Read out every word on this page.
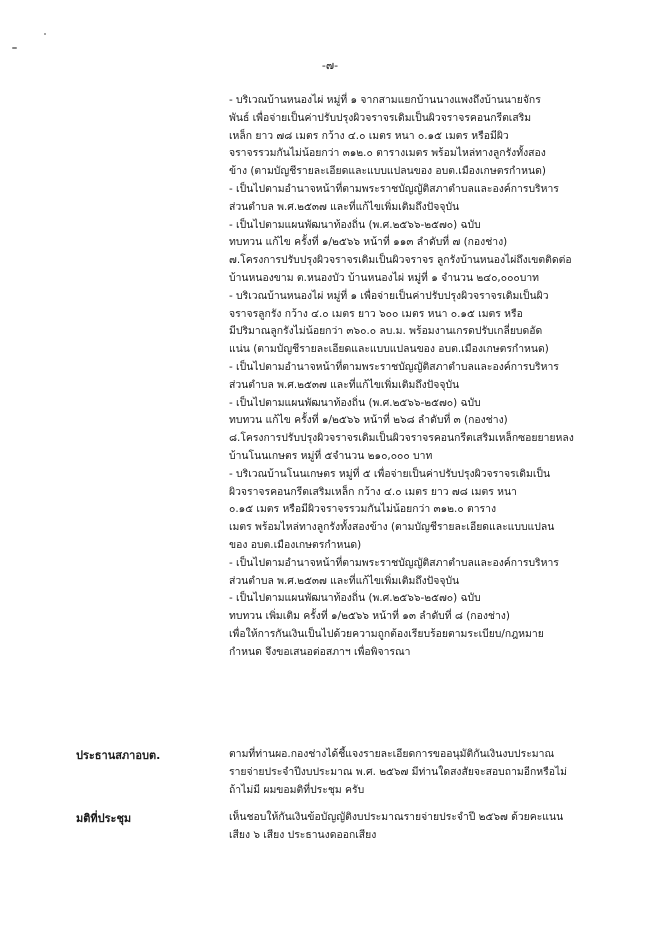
-๗-
- บริเวณบ้านหนองไผ่ หมู่ที่ ๑ จากสามแยกบ้านนางแพงถึงบ้านนายจักร
พันธ์ เพื่อจ่ายเป็นค่าปรับปรุงผิวจราจรเดิมเป็นผิวจราจรคอนกรีตเสริม
เหล็ก ยาว ๗๘ เมตร กว้าง ๔.๐ เมตร หนา ๐.๑๕ เมตร หรือมีผิว
จราจรรวมกันไม่น้อยกว่า ๓๑๒.๐ ตารางเมตร พร้อมไหล่ทางลูกรังทั้งสอง
ข้าง (ตามบัญชีรายละเอียดและแบบแปลนของ อบต.เมืองเกษตรกำหนด)
- เป็นไปตามอำนาจหน้าที่ตามพระราชบัญญัติสภาตำบลและองค์การบริหาร
ส่วนตำบล พ.ศ.๒๕๓๗ และที่แก้ไขเพิ่มเติมถึงปัจจุบัน
- เป็นไปตามแผนพัฒนาท้องถิ่น (พ.ศ.๒๕๖๖-๒๕๗๐) ฉบับ
ทบทวน แก้ไข ครั้งที่ ๑/๒๕๖๖ หน้าที่ ๑๑๓ ลำดับที่ ๗ (กองช่าง)
๗.โครงการปรับปรุงผิวจราจรเดิมเป็นผิวจราจร ลูกรังบ้านหนองไผ่ถึงเขตติดต่อ
บ้านหนองขาม ต.หนองบัว บ้านหนองไผ่ หมู่ที่ ๑ จำนวน ๒๔๐,๐๐๐บาท
- บริเวณบ้านหนองไผ่ หมู่ที่ ๑ เพื่อจ่ายเป็นค่าปรับปรุงผิวจราจรเดิมเป็นผิว
จราจรลูกรัง กว้าง ๔.๐ เมตร ยาว ๖๐๐ เมตร หนา ๐.๑๕ เมตร หรือ
มีปริมาณลูกรังไม่น้อยกว่า ๓๖๐.๐ ลบ.ม. พร้อมงานเกรดปรับเกลี่ยบดอัด
แน่น (ตามบัญชีรายละเอียดและแบบแปลนของ อบต.เมืองเกษตรกำหนด)
- เป็นไปตามอำนาจหน้าที่ตามพระราชบัญญัติสภาตำบลและองค์การบริหาร
ส่วนตำบล พ.ศ.๒๕๓๗ และที่แก้ไขเพิ่มเติมถึงปัจจุบัน
- เป็นไปตามแผนพัฒนาท้องถิ่น (พ.ศ.๒๕๖๖-๒๕๗๐) ฉบับ
ทบทวน แก้ไข ครั้งที่ ๑/๒๕๖๖ หน้าที่ ๒๖๘ ลำดับที่ ๓ (กองช่าง)
๘.โครงการปรับปรุงผิวจราจรเดิมเป็นผิวจราจรคอนกรีตเสริมเหล็กซอยยายหลง
บ้านโนนเกษตร หมู่ที่ ๕จำนวน ๒๑๐,๐๐๐ บาท
- บริเวณบ้านโนนเกษตร หมู่ที่ ๕ เพื่อจ่ายเป็นค่าปรับปรุงผิวจราจรเดิมเป็น
ผิวจราจรคอนกรีตเสริมเหล็ก กว้าง ๔.๐ เมตร ยาว ๗๘ เมตร หนา
๐.๑๕ เมตร หรือมีผิวจราจรรวมกันไม่น้อยกว่า ๓๑๒.๐ ตาราง
เมตร พร้อมไหล่ทางลูกรังทั้งสองข้าง (ตามบัญชีรายละเอียดและแบบแปลน
ของ อบต.เมืองเกษตรกำหนด)
- เป็นไปตามอำนาจหน้าที่ตามพระราชบัญญัติสภาตำบลและองค์การบริหาร
ส่วนตำบล พ.ศ.๒๕๓๗ และที่แก้ไขเพิ่มเติมถึงปัจจุบัน
- เป็นไปตามแผนพัฒนาท้องถิ่น (พ.ศ.๒๕๖๖-๒๕๗๐) ฉบับ
ทบทวน เพิ่มเติม ครั้งที่ ๑/๒๕๖๖ หน้าที่ ๑๓ ลำดับที่ ๘ (กองช่าง)
เพื่อให้การกันเงินเป็นไปด้วยความถูกต้องเรียบร้อยตามระเบียบ/กฎหมาย
กำหนด จึงขอเสนอต่อสภาฯ เพื่อพิจารณา
ประธานสภาอบต.	ตามที่ท่านผอ.กองช่างได้ชี้แจงรายละเอียดการขออนุมัติกันเงินงบประมาณ
รายจ่ายประจำปีงบประมาณ พ.ศ. ๒๕๖๗ มีท่านใดสงสัยจะสอบถามอีกหรือไม่
ถ้าไม่มี ผมขอมติที่ประชุม ครับ
มติที่ประชุม	เห็นชอบให้กันเงินข้อบัญญัติงบประมาณรายจ่ายประจำปี ๒๕๖๗ ด้วยคะแนน
เสียง ๖ เสียง ประธานงดออกเสียง
